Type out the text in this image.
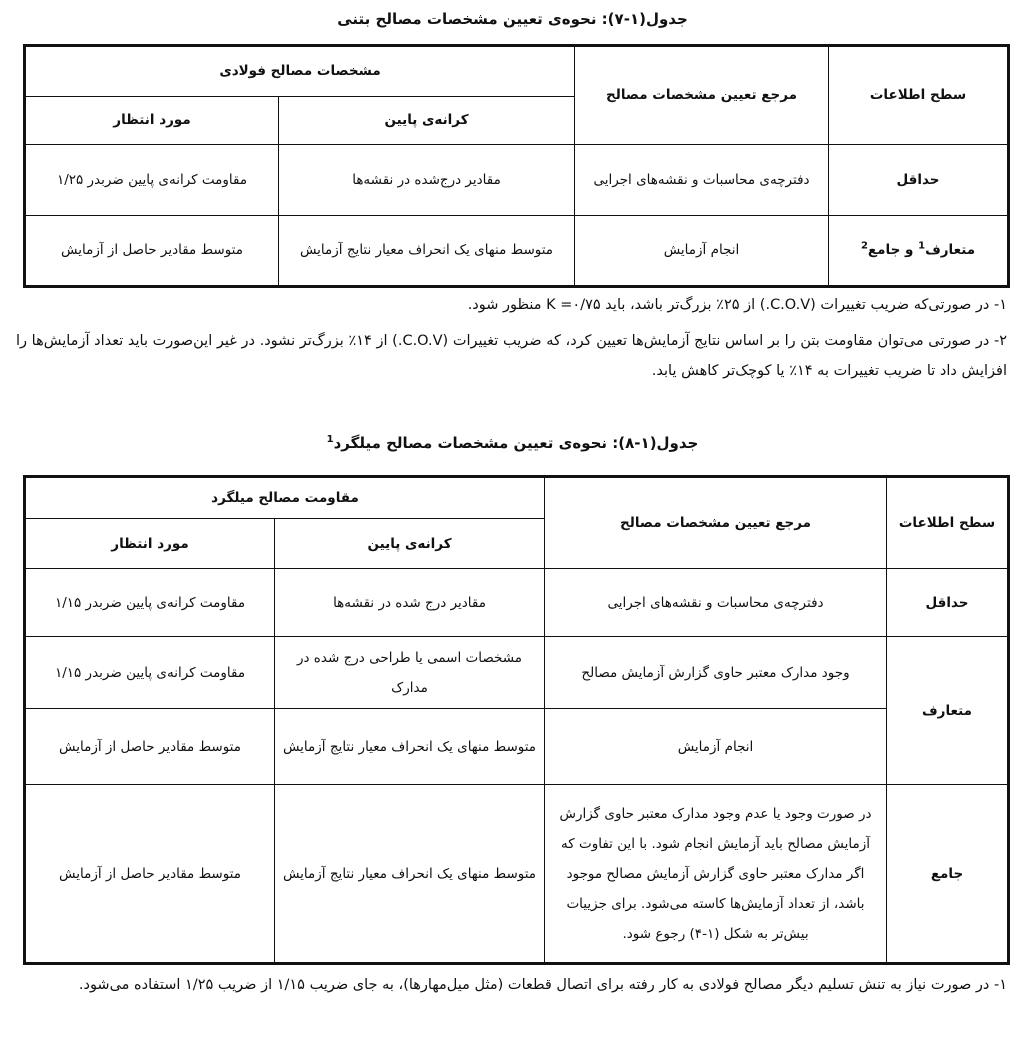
جدول(۱-۷): نحوه‌ی تعیین مشخصات مصالح بتنی
سطح اطلاعات	مرجع تعیین مشخصات مصالح	مشخصات مصالح فولادی	
		کرانه‌ی پایین	مورد انتظار
حداقل	دفترچه‌ی محاسبات و نقشه‌های اجرایی	مقادیر درج‌شده در نقشه‌ها	مقاومت کرانه‌ی پایین ضربدر ۱/۲۵
متعارف$^1$ و جامع$^2$	انجام آزمایش	متوسط منهای یک انحراف معیار نتایج آزمایش	متوسط مقادیر حاصل از آزمایش
۱- در صورتی‌که ضریب تغییرات (C.O.V.) از ۲۵٪ بزرگ‌تر باشد، باید K =۰/۷۵ منظور شود.
۲- در صورتی می‌توان مقاومت بتن را بر اساس نتایج آزمایش‌ها تعیین کرد، که ضریب تغییرات (C.O.V.) از ۱۴٪ بزرگ‌تر نشود. در غیر این‌صورت باید تعداد آزمایش‌ها را افزایش داد تا ضریب تغییرات به ۱۴٪ یا کوچک‌تر کاهش یابد.
جدول(۱-۸): نحوه‌ی تعیین مشخصات مصالح میلگرد$^1$
سطح اطلاعات	مرجع تعیین مشخصات مصالح	مقاومت مصالح میلگرد	
		کرانه‌ی پایین	مورد انتظار
حداقل	دفترچه‌ی محاسبات و نقشه‌های اجرایی	مقادیر درج شده در نقشه‌ها	مقاومت کرانه‌ی پایین ضربدر ۱/۱۵
متعارف	وجود مدارک معتبر حاوی گزارش آزمایش مصالح	مشخصات اسمی یا طراحی درج شده در مدارک	مقاومت کرانه‌ی پایین ضربدر ۱/۱۵
	انجام آزمایش	متوسط منهای یک انحراف معیار نتایج آزمایش	متوسط مقادیر حاصل از آزمایش
جامع	در صورت وجود یا عدم وجود مدارک معتبر حاوی گزارش آزمایش مصالح باید آزمایش انجام شود. با این تفاوت که اگر مدارک معتبر حاوی گزارش آزمایش مصالح موجود باشد، از تعداد آزمایش‌ها کاسته می‌شود. برای جزییات بیش‌تر به شکل (۱-۴) رجوع شود.	متوسط منهای یک انحراف معیار نتایج آزمایش	متوسط مقادیر حاصل از آزمایش
۱- در صورت نیاز به تنش تسلیم دیگر مصالح فولادی به کار رفته برای اتصال قطعات (مثل میل‌مهارها)، به‌ جای ضریب ۱/۱۵ از ضریب ۱/۲۵ استفاده می‌شود.
